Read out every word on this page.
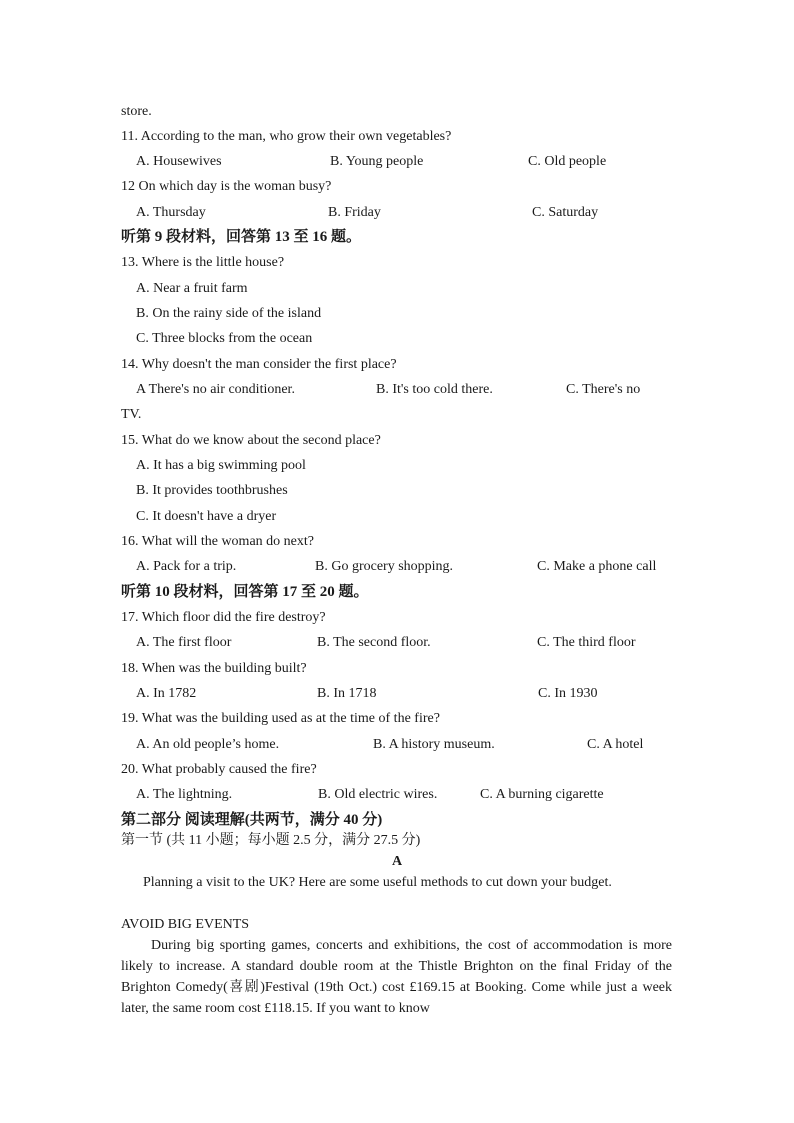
store.
11. According to the man, who grow their own vegetables?
A. Housewives	B. Young people	C. Old people
12 On which day is the woman busy?
A. Thursday	B. Friday	C. Saturday
听第 9 段材料，回答第 13 至 16 题。
13. Where is the little house?
A. Near a fruit farm
B. On the rainy side of the island
C. Three blocks from the ocean
14. Why doesn't the man consider the first place?
A There's no air conditioner.	B. It's too cold there.	C. There's no
TV.
15. What do we know about the second place?
A. It has a big swimming pool
B. It provides toothbrushes
C. It doesn't have a dryer
16. What will the woman do next?
A. Pack for a trip.	B. Go grocery shopping.	C. Make a phone call
听第 10 段材料，回答第 17 至 20 题。
17. Which floor did the fire destroy?
A. The first floor	B. The second floor.	C. The third floor
18. When was the building built?
A. In 1782	B. In 1718	C. In 1930
19. What was the building used as at the time of the fire?
A. An old people’s home.	B. A history museum.	C. A hotel
20. What probably caused the fire?
A. The lightning.	B. Old electric wires.	C. A burning cigarette
第二部分 阅读理解(共两节，满分 40 分)
第一节 (共 11 小题；每小题 2.5 分，满分 27.5 分)
A
Planning a visit to the UK? Here are some useful methods to cut down your budget.
AVOID BIG EVENTS
During big sporting games, concerts and exhibitions, the cost of accommodation is more likely to increase. A standard double room at the Thistle Brighton on the final Friday of the Brighton Comedy(喜剧)Festival (19th Oct.) cost £169.15 at Booking. Come while just a week later, the same room cost £118.15. If you want to know
